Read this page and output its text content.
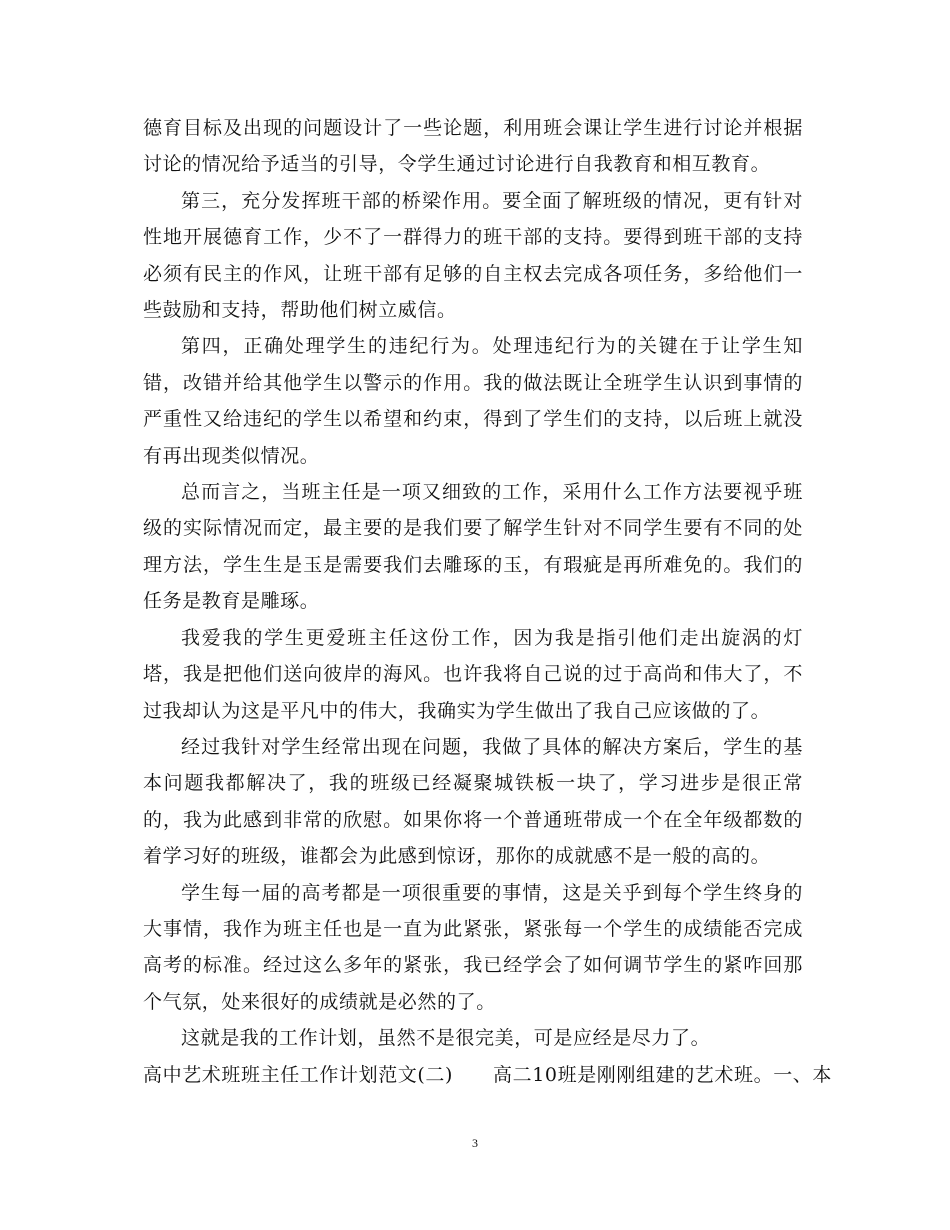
德育目标及出现的问题设计了一些论题，利用班会课让学生进行讨论并根据讨论的情况给予适当的引导，令学生通过讨论进行自我教育和相互教育。

第三，充分发挥班干部的桥梁作用。要全面了解班级的情况，更有针对性地开展德育工作，少不了一群得力的班干部的支持。要得到班干部的支持必须有民主的作风，让班干部有足够的自主权去完成各项任务，多给他们一些鼓励和支持，帮助他们树立威信。

第四，正确处理学生的违纪行为。处理违纪行为的关键在于让学生知错，改错并给其他学生以警示的作用。我的做法既让全班学生认识到事情的严重性又给违纪的学生以希望和约束，得到了学生们的支持，以后班上就没有再出现类似情况。

总而言之，当班主任是一项又细致的工作，采用什么工作方法要视乎班级的实际情况而定，最主要的是我们要了解学生针对不同学生要有不同的处理方法，学生生是玉是需要我们去雕琢的玉，有瑕疵是再所难免的。我们的任务是教育是雕琢。

我爱我的学生更爱班主任这份工作，因为我是指引他们走出旋涡的灯塔，我是把他们送向彼岸的海风。也许我将自己说的过于高尚和伟大了，不过我却认为这是平凡中的伟大，我确实为学生做出了我自己应该做的了。

经过我针对学生经常出现在问题，我做了具体的解决方案后，学生的基本问题我都解决了，我的班级已经凝聚城铁板一块了，学习进步是很正常的，我为此感到非常的欣慰。如果你将一个普通班带成一个在全年级都数的着学习好的班级，谁都会为此感到惊讶，那你的成就感不是一般的高的。

学生每一届的高考都是一项很重要的事情，这是关乎到每个学生终身的大事情，我作为班主任也是一直为此紧张，紧张每一个学生的成绩能否完成高考的标准。经过这么多年的紧张，我已经学会了如何调节学生的紧咋回那个气氛，处来很好的成绩就是必然的了。

这就是我的工作计划，虽然不是很完美，可是应经是尽力了。

高中艺术班班主任工作计划范文(二) 高二10班是刚刚组建的艺术班。一、本

3
